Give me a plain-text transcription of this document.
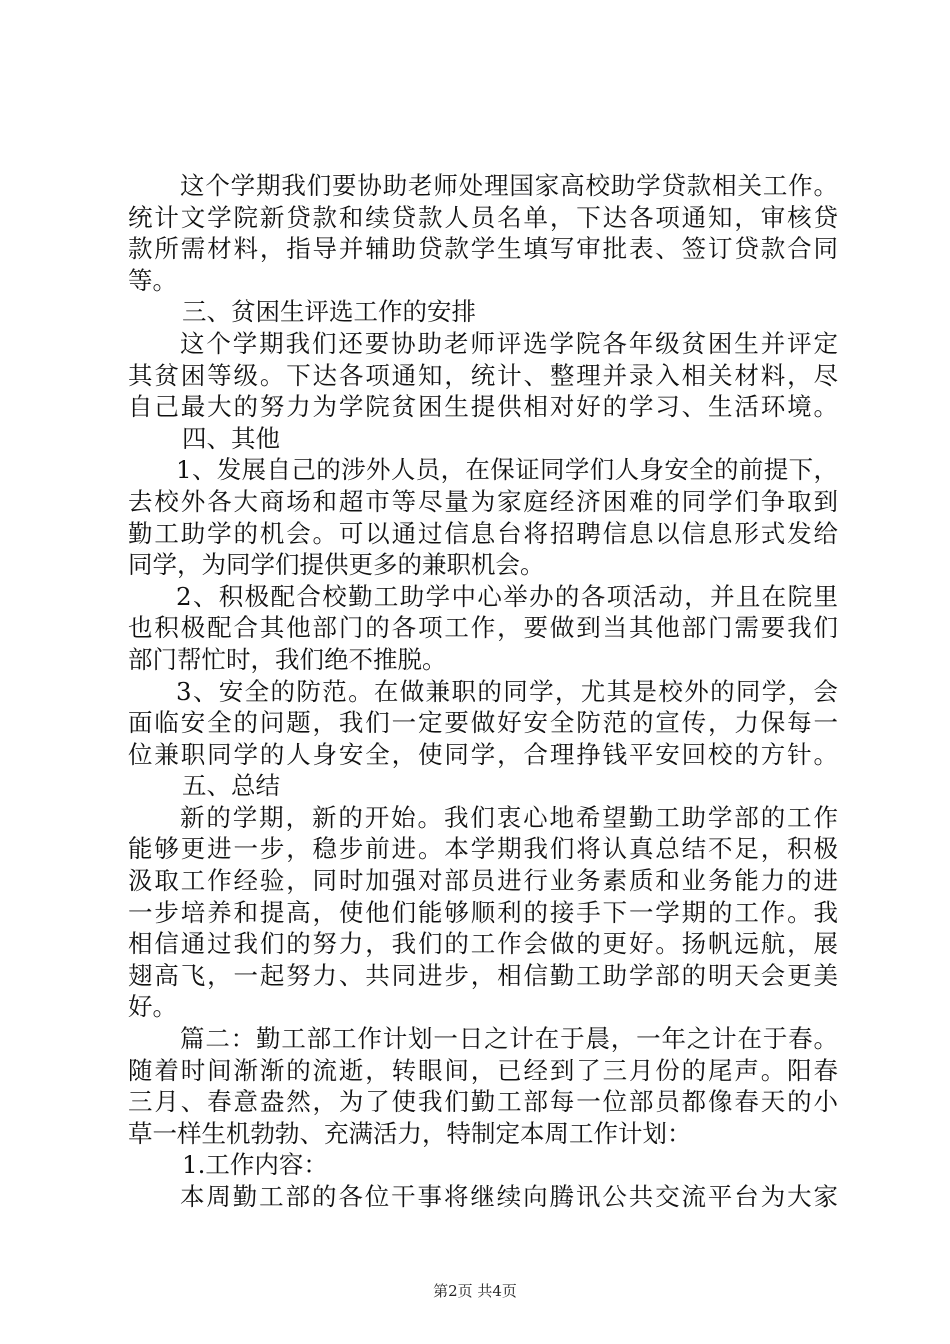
这个学期我们要协助老师处理国家高校助学贷款相关工作。
统计文学院新贷款和续贷款人员名单，下达各项通知，审核贷
款所需材料，指导并辅助贷款学生填写审批表、签订贷款合同
等。
三、贫困生评选工作的安排
这个学期我们还要协助老师评选学院各年级贫困生并评定
其贫困等级。下达各项通知，统计、整理并录入相关材料，尽
自己最大的努力为学院贫困生提供相对好的学习、生活环境。
四、其他
1、发展自己的涉外人员，在保证同学们人身安全的前提下，
去校外各大商场和超市等尽量为家庭经济困难的同学们争取到
勤工助学的机会。可以通过信息台将招聘信息以信息形式发给
同学，为同学们提供更多的兼职机会。
2、积极配合校勤工助学中心举办的各项活动，并且在院里
也积极配合其他部门的各项工作，要做到当其他部门需要我们
部门帮忙时，我们绝不推脱。
3、安全的防范。在做兼职的同学，尤其是校外的同学，会
面临安全的问题，我们一定要做好安全防范的宣传，力保每一
位兼职同学的人身安全，使同学，合理挣钱平安回校的方针。
五、总结
新的学期，新的开始。我们衷心地希望勤工助学部的工作
能够更进一步，稳步前进。本学期我们将认真总结不足，积极
汲取工作经验，同时加强对部员进行业务素质和业务能力的进
一步培养和提高，使他们能够顺利的接手下一学期的工作。我
相信通过我们的努力，我们的工作会做的更好。扬帆远航，展
翅高飞，一起努力、共同进步，相信勤工助学部的明天会更美
好。
篇二：勤工部工作计划一日之计在于晨，一年之计在于春。
随着时间渐渐的流逝，转眼间，已经到了三月份的尾声。阳春
三月、春意盎然，为了使我们勤工部每一位部员都像春天的小
草一样生机勃勃、充满活力，特制定本周工作计划：
1.工作内容：
本周勤工部的各位干事将继续向腾讯公共交流平台为大家
第2页 共4页
